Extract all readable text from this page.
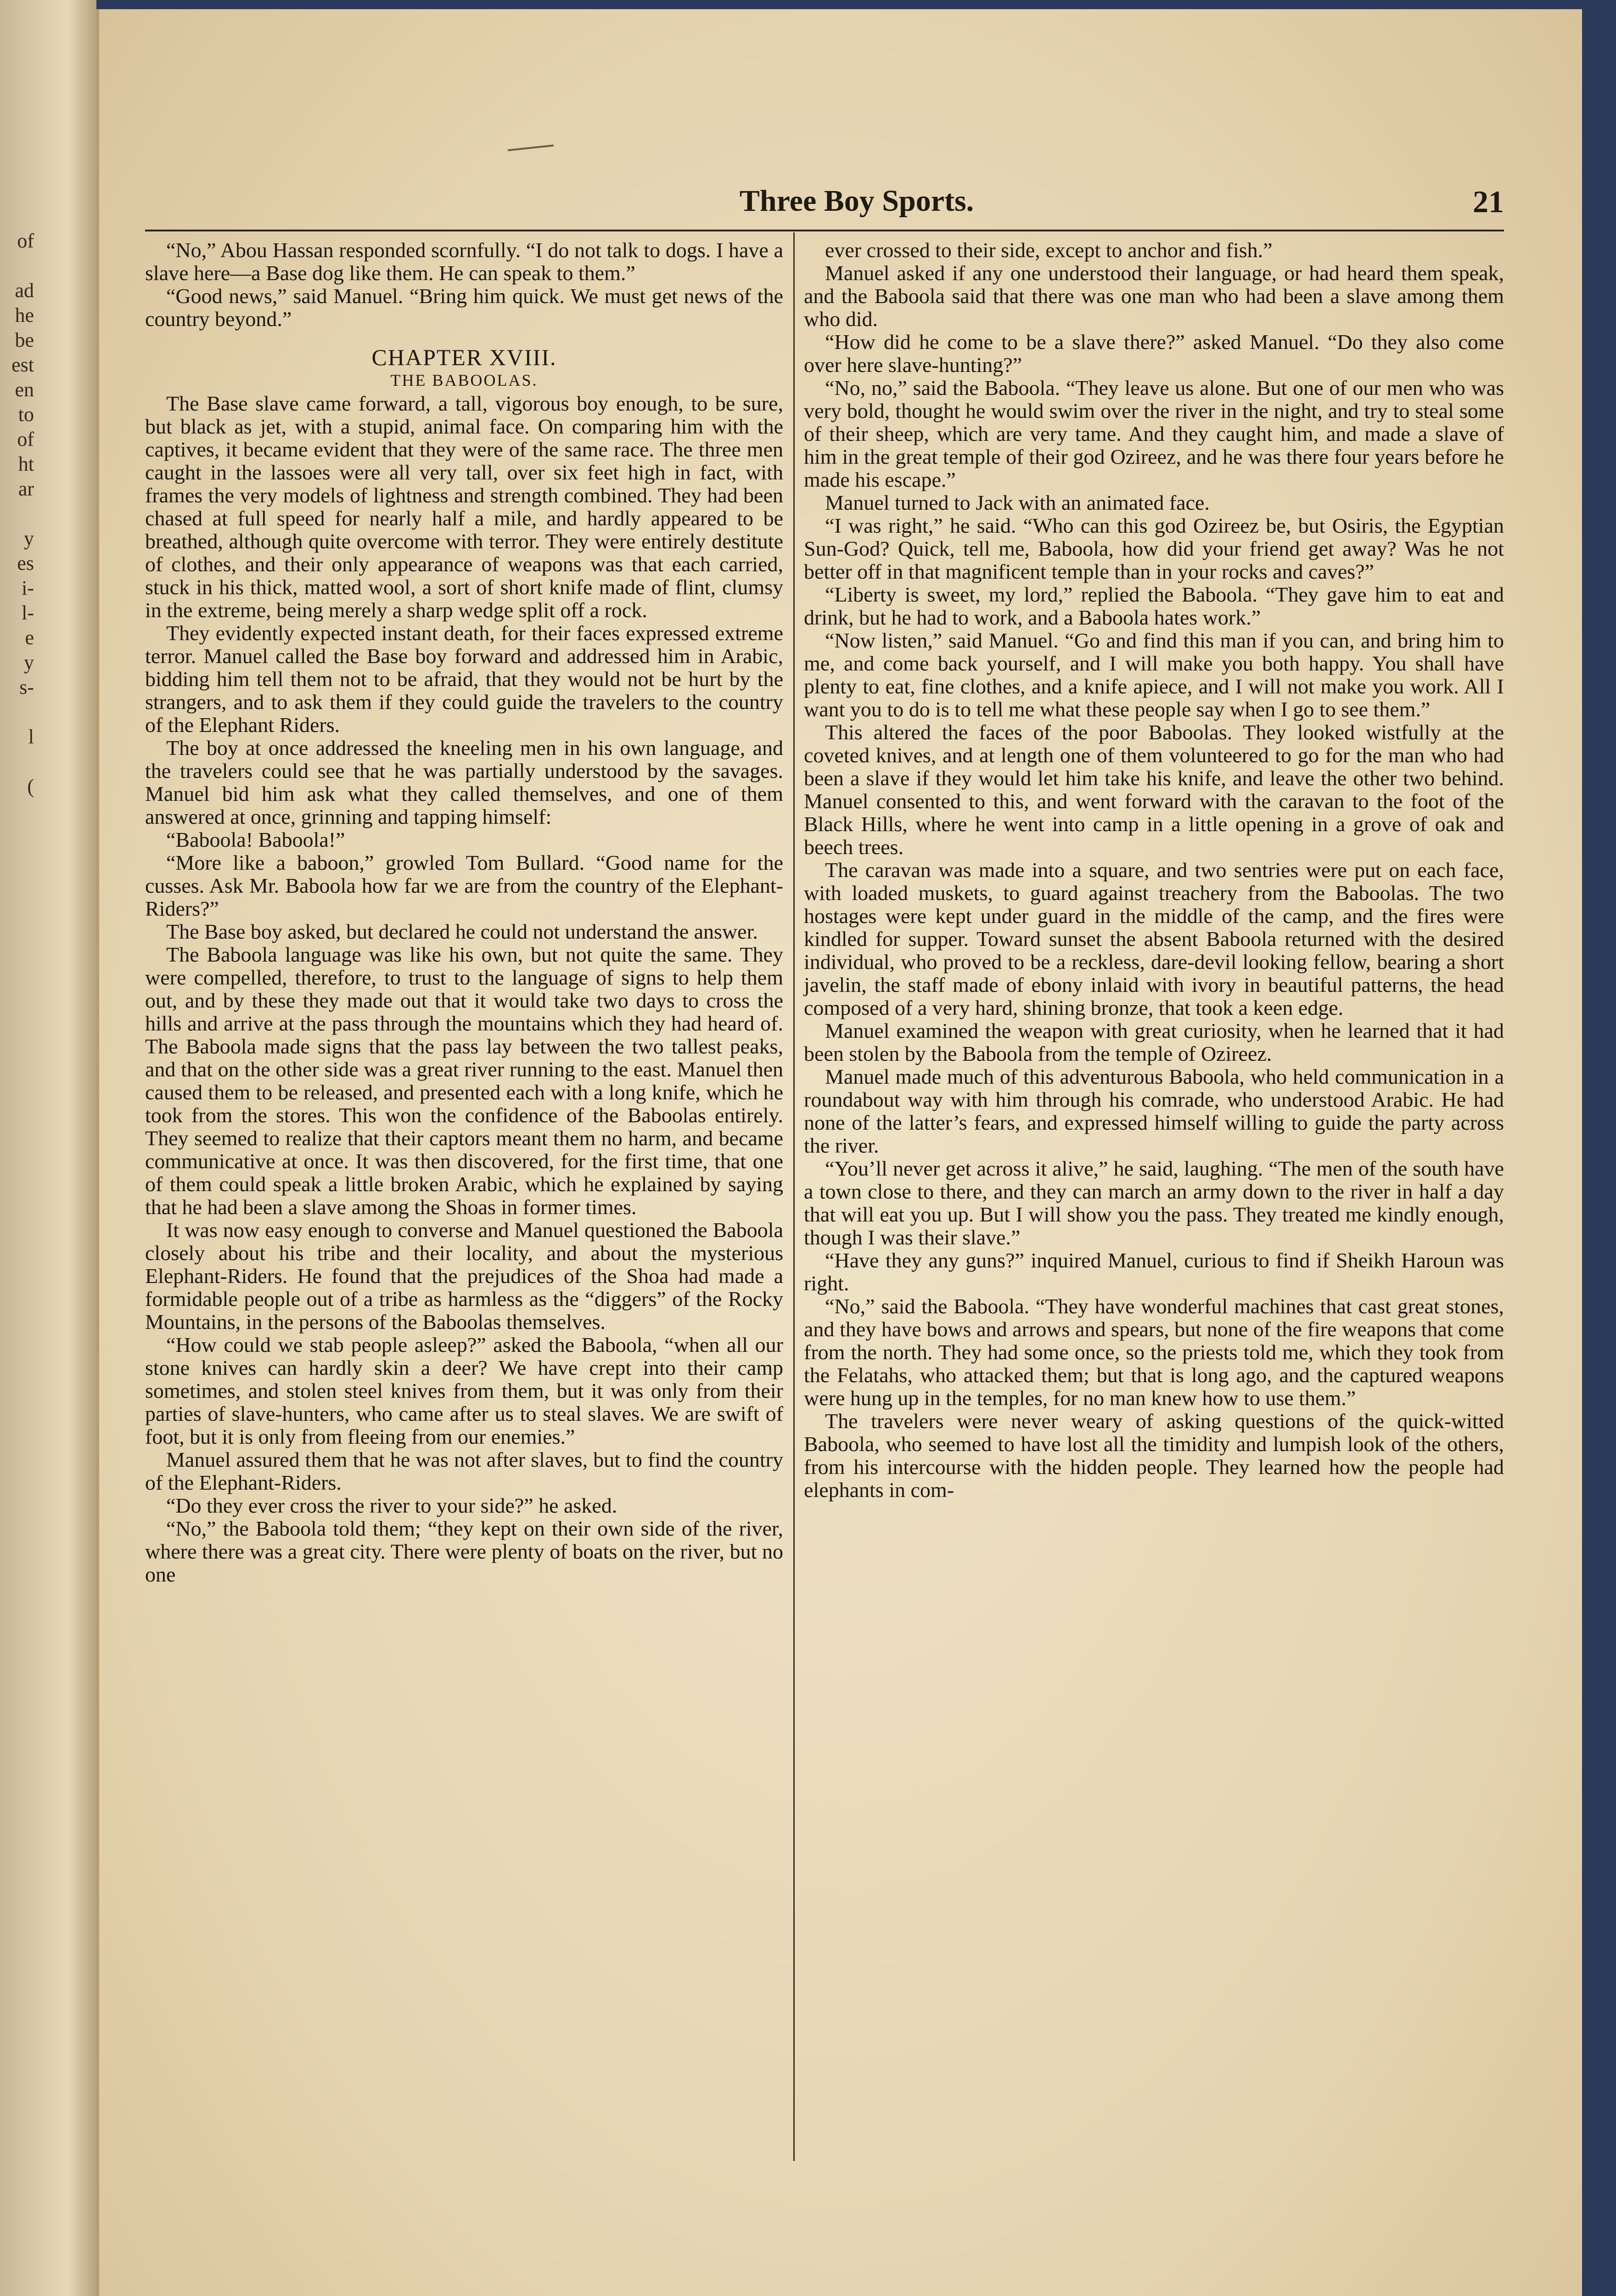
of
ad
he
be
est
en
to
of
ht
ar
y
es
i-
l-
e
y
s-
l
(
Three Boy Sports.	21

“No,” Abou Hassan responded scornfully. “I do not talk to dogs. I have a slave here—a Base dog like them. He can speak to them.”

“Good news,” said Manuel. “Bring him quick. We must get news of the country beyond.”

CHAPTER XVIII.
THE BABOOLAS.

The Base slave came forward, a tall, vigorous boy enough, to be sure, but black as jet, with a stupid, animal face. On comparing him with the captives, it became evident that they were of the same race. The three men caught in the lassoes were all very tall, over six feet high in fact, with frames the very models of lightness and strength combined. They had been chased at full speed for nearly half a mile, and hardly appeared to be breathed, although quite overcome with terror. They were entirely destitute of clothes, and their only appearance of weapons was that each carried, stuck in his thick, matted wool, a sort of short knife made of flint, clumsy in the extreme, being merely a sharp wedge split off a rock.

They evidently expected instant death, for their faces expressed extreme terror. Manuel called the Base boy forward and addressed him in Arabic, bidding him tell them not to be afraid, that they would not be hurt by the strangers, and to ask them if they could guide the travelers to the country of the Elephant Riders.

The boy at once addressed the kneeling men in his own language, and the travelers could see that he was partially understood by the savages. Manuel bid him ask what they called themselves, and one of them answered at once, grinning and tapping himself:

“Baboola! Baboola!”

“More like a baboon,” growled Tom Bullard. “Good name for the cusses. Ask Mr. Baboola how far we are from the country of the Elephant-Riders?”

The Base boy asked, but declared he could not understand the answer.

The Baboola language was like his own, but not quite the same. They were compelled, therefore, to trust to the language of signs to help them out, and by these they made out that it would take two days to cross the hills and arrive at the pass through the mountains which they had heard of. The Baboola made signs that the pass lay between the two tallest peaks, and that on the other side was a great river running to the east. Manuel then caused them to be released, and presented each with a long knife, which he took from the stores. This won the confidence of the Baboolas entirely. They seemed to realize that their captors meant them no harm, and became communicative at once. It was then discovered, for the first time, that one of them could speak a little broken Arabic, which he explained by saying that he had been a slave among the Shoas in former times.

It was now easy enough to converse and Manuel questioned the Baboola closely about his tribe and their locality, and about the mysterious Elephant-Riders. He found that the prejudices of the Shoa had made a formidable people out of a tribe as harmless as the “diggers” of the Rocky Mountains, in the persons of the Baboolas themselves.

“How could we stab people asleep?” asked the Baboola, “when all our stone knives can hardly skin a deer? We have crept into their camp sometimes, and stolen steel knives from them, but it was only from their parties of slave-hunters, who came after us to steal slaves. We are swift of foot, but it is only from fleeing from our enemies.”

Manuel assured them that he was not after slaves, but to find the country of the Elephant-Riders.

“Do they ever cross the river to your side?” he asked.

“No,” the Baboola told them; “they kept on their own side of the river, where there was a great city. There were plenty of boats on the river, but no one

ever crossed to their side, except to anchor and fish.”

Manuel asked if any one understood their language, or had heard them speak, and the Baboola said that there was one man who had been a slave among them who did.

“How did he come to be a slave there?” asked Manuel. “Do they also come over here slave-hunting?”

“No, no,” said the Baboola. “They leave us alone. But one of our men who was very bold, thought he would swim over the river in the night, and try to steal some of their sheep, which are very tame. And they caught him, and made a slave of him in the great temple of their god Ozireez, and he was there four years before he made his escape.”

Manuel turned to Jack with an animated face.

“I was right,” he said. “Who can this god Ozireez be, but Osiris, the Egyptian Sun-God? Quick, tell me, Baboola, how did your friend get away? Was he not better off in that magnificent temple than in your rocks and caves?”

“Liberty is sweet, my lord,” replied the Baboola. “They gave him to eat and drink, but he had to work, and a Baboola hates work.”

“Now listen,” said Manuel. “Go and find this man if you can, and bring him to me, and come back yourself, and I will make you both happy. You shall have plenty to eat, fine clothes, and a knife apiece, and I will not make you work. All I want you to do is to tell me what these people say when I go to see them.”

This altered the faces of the poor Baboolas. They looked wistfully at the coveted knives, and at length one of them volunteered to go for the man who had been a slave if they would let him take his knife, and leave the other two behind. Manuel consented to this, and went forward with the caravan to the foot of the Black Hills, where he went into camp in a little opening in a grove of oak and beech trees.

The caravan was made into a square, and two sentries were put on each face, with loaded muskets, to guard against treachery from the Baboolas. The two hostages were kept under guard in the middle of the camp, and the fires were kindled for supper. Toward sunset the absent Baboola returned with the desired individual, who proved to be a reckless, dare-devil looking fellow, bearing a short javelin, the staff made of ebony inlaid with ivory in beautiful patterns, the head composed of a very hard, shining bronze, that took a keen edge.

Manuel examined the weapon with great curiosity, when he learned that it had been stolen by the Baboola from the temple of Ozireez.

Manuel made much of this adventurous Baboola, who held communication in a roundabout way with him through his comrade, who understood Arabic. He had none of the latter’s fears, and expressed himself willing to guide the party across the river.

“You’ll never get across it alive,” he said, laughing. “The men of the south have a town close to there, and they can march an army down to the river in half a day that will eat you up. But I will show you the pass. They treated me kindly enough, though I was their slave.”

“Have they any guns?” inquired Manuel, curious to find if Sheikh Haroun was right.

“No,” said the Baboola. “They have wonderful machines that cast great stones, and they have bows and arrows and spears, but none of the fire weapons that come from the north. They had some once, so the priests told me, which they took from the Felatahs, who attacked them; but that is long ago, and the captured weapons were hung up in the temples, for no man knew how to use them.”

The travelers were never weary of asking questions of the quick-witted Baboola, who seemed to have lost all the timidity and lumpish look of the others, from his intercourse with the hidden people. They learned how the people had elephants in com-
